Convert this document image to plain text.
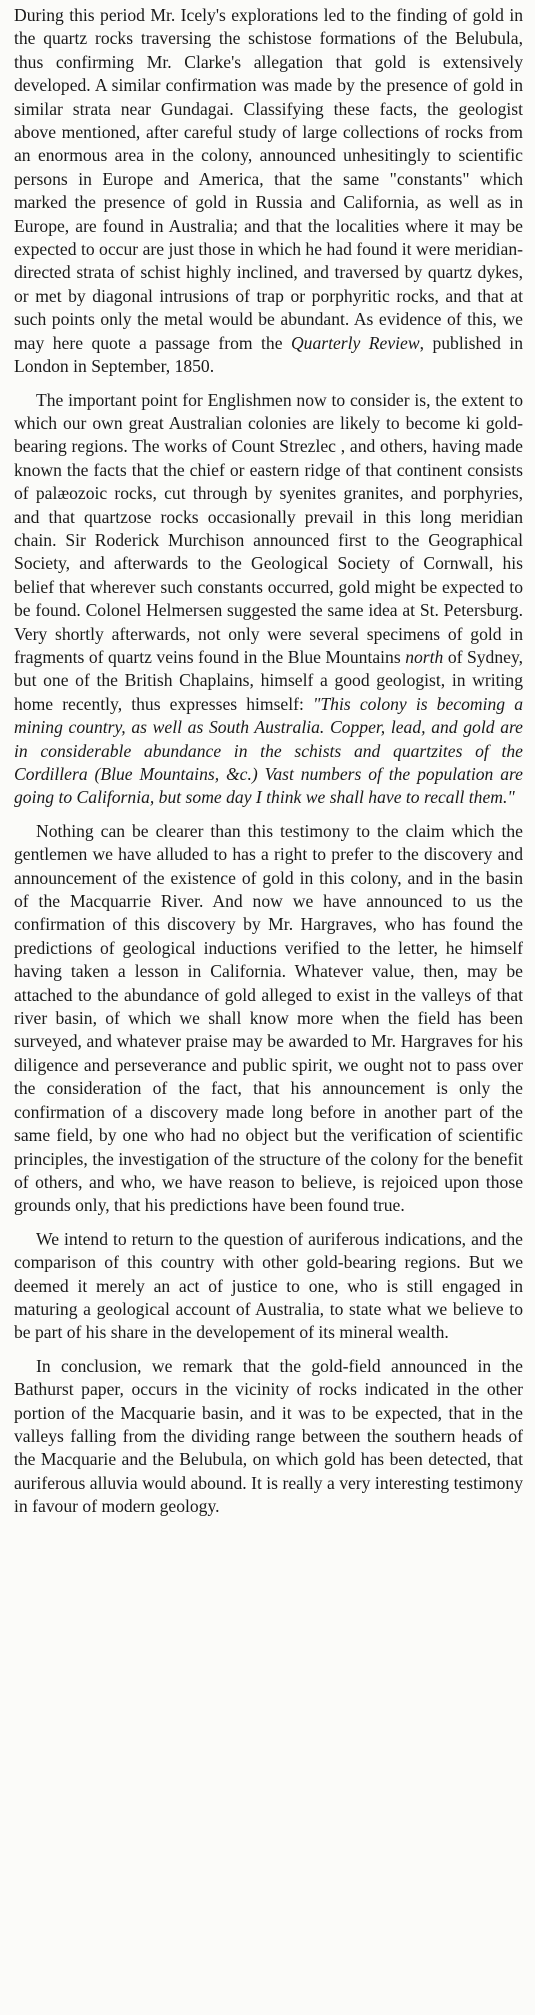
During this period Mr. Icely's explorations led to the finding of gold in the quartz rocks traversing the schistose formations of the Belubula, thus confirming Mr. Clarke's allegation that gold is extensively developed. A similar confirmation was made by the presence of gold in similar strata near Gundagai. Classifying these facts, the geologist above mentioned, after careful study of large collections of rocks from an enormous area in the colony, announced unhesitingly to scientific persons in Europe and America, that the same "constants" which marked the presence of gold in Russia and California, as well as in Europe, are found in Australia; and that the localities where it may be expected to occur are just those in which he had found it were meridian-directed strata of schist highly inclined, and traversed by quartz dykes, or met by diagonal intrusions of trap or porphyritic rocks, and that at such points only the metal would be abundant. As evidence of this, we may here quote a passage from the Quarterly Review, published in London in September, 1850.

The important point for Englishmen now to consider is, the extent to which our own great Australian colonies are likely to become ki gold-bearing regions. The works of Count Strezlec , and others, having made known the facts that the chief or eastern ridge of that continent consists of palæozoic rocks, cut through by syenites granites, and porphyries, and that quartzose rocks occasionally prevail in this long meridian chain. Sir Roderick Murchison announced first to the Geographical Society, and afterwards to the Geological Society of Cornwall, his belief that wherever such constants occurred, gold might be expected to be found. Colonel Helmersen suggested the same idea at St. Petersburg. Very shortly afterwards, not only were several specimens of gold in fragments of quartz veins found in the Blue Mountains north of Sydney, but one of the British Chaplains, himself a good geologist, in writing home recently, thus expresses himself: "This colony is becoming a mining country, as well as South Australia. Copper, lead, and gold are in considerable abundance in the schists and quartzites of the Cordillera (Blue Mountains, &c.) Vast numbers of the population are going to California, but some day I think we shall have to recall them."

Nothing can be clearer than this testimony to the claim which the gentlemen we have alluded to has a right to prefer to the discovery and announcement of the existence of gold in this colony, and in the basin of the Macquarrie River. And now we have announced to us the confirmation of this discovery by Mr. Hargraves, who has found the predictions of geological inductions verified to the letter, he himself having taken a lesson in California. Whatever value, then, may be attached to the abundance of gold alleged to exist in the valleys of that river basin, of which we shall know more when the field has been surveyed, and whatever praise may be awarded to Mr. Hargraves for his diligence and perseverance and public spirit, we ought not to pass over the consideration of the fact, that his announcement is only the confirmation of a discovery made long before in another part of the same field, by one who had no object but the verification of scientific principles, the investigation of the structure of the colony for the benefit of others, and who, we have reason to believe, is rejoiced upon those grounds only, that his predictions have been found true.

We intend to return to the question of auriferous indications, and the comparison of this country with other gold-bearing regions. But we deemed it merely an act of justice to one, who is still engaged in maturing a geological account of Australia, to state what we believe to be part of his share in the developement of its mineral wealth.

In conclusion, we remark that the gold-field announced in the Bathurst paper, occurs in the vicinity of rocks indicated in the other portion of the Macquarie basin, and it was to be expected, that in the valleys falling from the dividing range between the southern heads of the Macquarie and the Belubula, on which gold has been detected, that auriferous alluvia would abound. It is really a very interesting testimony in favour of modern geology.
